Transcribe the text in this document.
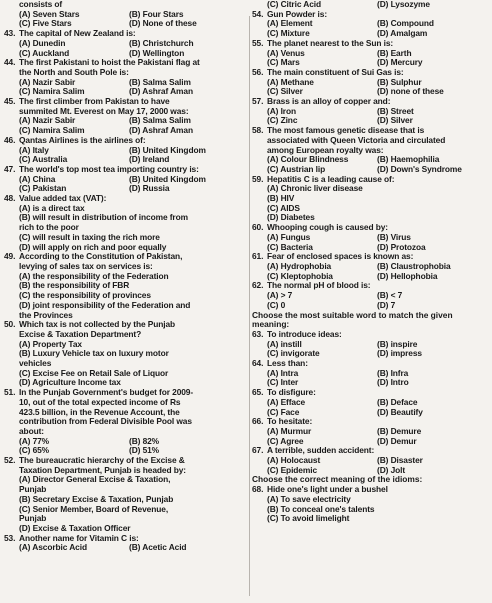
consists of
(A) Seven Stars	(B) Four Stars
(C) Five Stars	(D) None of these
43. The capital of New Zealand is:
(A) Dunedin	(B) Christchurch
(C) Auckland	(D) Wellington
44. The first Pakistani to hoist the Pakistani flag at
the North and South Pole is:
(A) Nazir Sabir	(B) Salma Salim
(C) Namira Salim	(D) Ashraf Aman
45. The first climber from Pakistan to have
summited Mt. Everest on May 17, 2000 was:
(A) Nazir Sabir	(B) Salma Salim
(C) Namira Salim	(D) Ashraf Aman
46. Qantas Airlines is the airlines of:
(A) Italy	(B) United Kingdom
(C) Australia	(D) Ireland
47. The world's top most tea importing country is:
(A) China	(B) United Kingdom
(C) Pakistan	(D) Russia
48. Value added tax (VAT):
(A) is a direct tax
(B) will result in distribution of income from
rich to the poor
(C) will result in taxing the rich more
(D) will apply on rich and poor equally
49. According to the Constitution of Pakistan,
levying of sales tax on services is:
(A) the responsibility of the Federation
(B) the responsibility of FBR
(C) the responsibility of provinces
(D) joint responsibility of the Federation and
the Provinces
50. Which tax is not collected by the Punjab
Excise & Taxation Department?
(A) Property Tax
(B) Luxury Vehicle tax on luxury motor
vehicles
(C) Excise Fee on Retail Sale of Liquor
(D) Agriculture Income tax
51. In the Punjab Government's budget for 2009-
10, out of the total expected income of Rs
423.5 billion, in the Revenue Account, the
contribution from Federal Divisible Pool was
about:
(A) 77%	(B) 82%
(C) 65%	(D) 51%
52. The bureaucratic hierarchy of the Excise &
Taxation Department, Punjab is headed by:
(A) Director General Excise & Taxation,
Punjab
(B) Secretary Excise & Taxation, Punjab
(C) Senior Member, Board of Revenue,
Punjab
(D) Excise & Taxation Officer
53. Another name for Vitamin C is:
(A) Ascorbic Acid	(B) Acetic Acid
(C) Citric Acid	(D) Lysozyme
54. Gun Powder is:
(A) Element	(B) Compound
(C) Mixture	(D) Amalgam
55. The planet nearest to the Sun is:
(A) Venus	(B) Earth
(C) Mars	(D) Mercury
56. The main constituent of Sui Gas is:
(A) Methane	(B) Sulphur
(C) Silver	(D) none of these
57. Brass is an alloy of copper and:
(A) Iron	(B) Street
(C) Zinc	(D) Silver
58. The most famous genetic disease that is
associated with Queen Victoria and circulated
among European royalty was:
(A) Colour Blindness	(B) Haemophilia
(C) Austrian lip	(D) Down's Syndrome
59. Hepatitis C is a leading cause of:
(A) Chronic liver disease
(B) HIV
(C) AIDS
(D) Diabetes
60. Whooping cough is caused by:
(A) Fungus	(B) Virus
(C) Bacteria	(D) Protozoa
61. Fear of enclosed spaces is known as:
(A) Hydrophobia	(B) Claustrophobia
(C) Kleptophobia	(D) Hellophobia
62. The normal pH of blood is:
(A) > 7	(B) < 7
(C) 0	(D) 7
Choose the most suitable word to match the given
meaning:
63. To introduce ideas:
(A) instill	(B) inspire
(C) invigorate	(D) impress
64. Less than:
(A) Intra	(B) Infra
(C) Inter	(D) Intro
65. To disfigure:
(A) Efface	(B) Deface
(C) Face	(D) Beautify
66. To hesitate:
(A) Murmur	(B) Demure
(C) Agree	(D) Demur
67. A terrible, sudden accident:
(A) Holocaust	(B) Disaster
(C) Epidemic	(D) Jolt
Choose the correct meaning of the idioms:
68. Hide one's light under a bushel
(A) To save electricity
(B) To conceal one's talents
(C) To avoid limelight
